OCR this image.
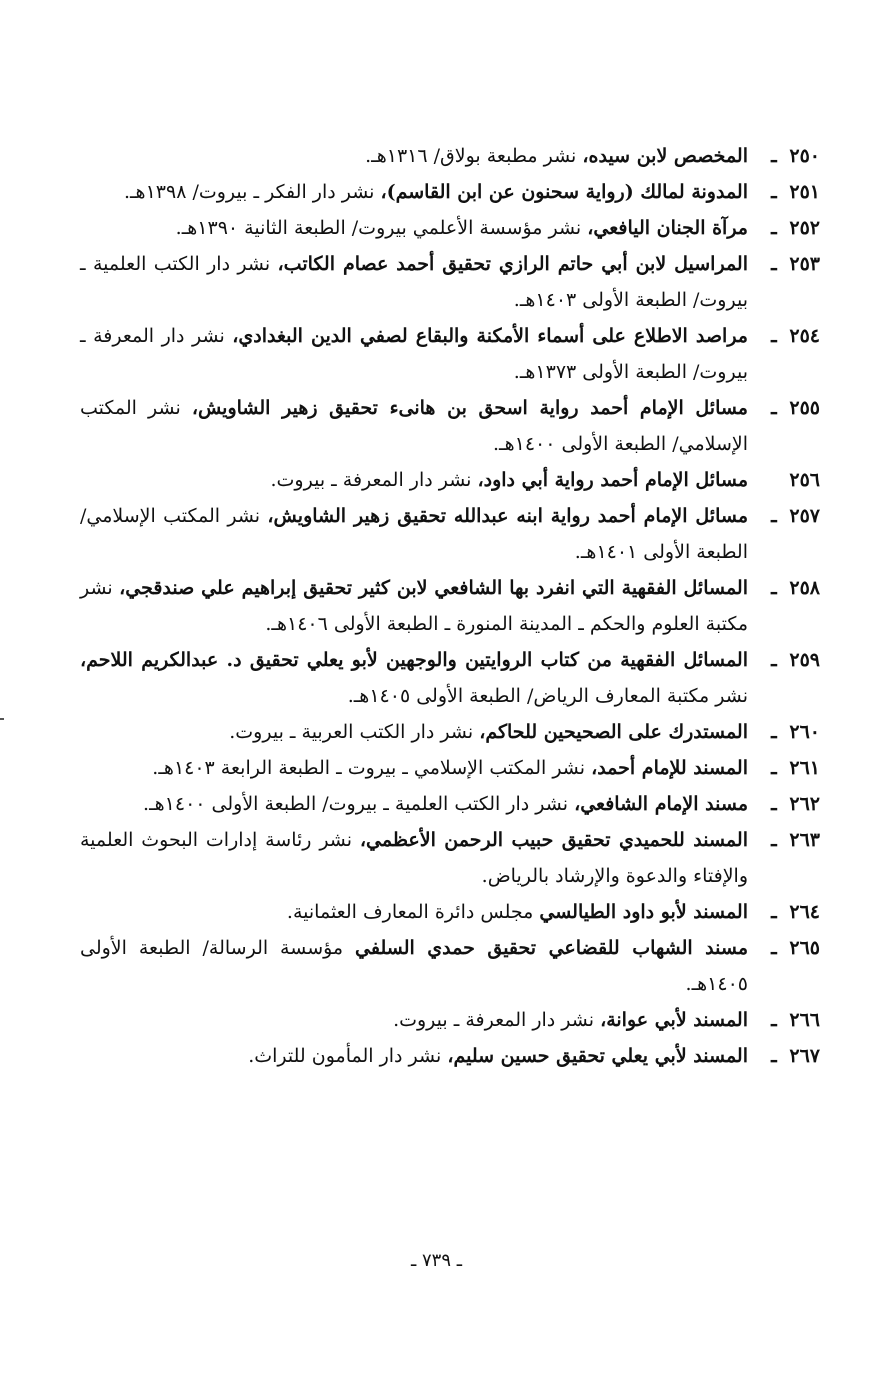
٢٥٠ ـ
المخصص لابن سيده، نشر مطبعة بولاق/ ١٣١٦هـ.
٢٥١ ـ
المدونة لمالك (رواية سحنون عن ابن القاسم)، نشر دار الفكر ـ بيروت/ ١٣٩٨هـ.
٢٥٢ ـ
مرآة الجنان اليافعي، نشر مؤسسة الأعلمي بيروت/ الطبعة الثانية ١٣٩٠هـ.
٢٥٣ ـ
المراسيل لابن أبي حاتم الرازي تحقيق أحمد عصام الكاتب، نشر دار الكتب العلمية ـ بيروت/ الطبعة الأولى ١٤٠٣هـ.
٢٥٤ ـ
مراصد الاطلاع على أسماء الأمكنة والبقاع لصفي الدين البغدادي، نشر دار المعرفة ـ بيروت/ الطبعة الأولى ١٣٧٣هـ.
٢٥٥ ـ
مسائل الإمام أحمد رواية اسحق بن هانىء تحقيق زهير الشاويش، نشر المكتب الإسلامي/ الطبعة الأولى ١٤٠٠هـ.
٢٥٦
مسائل الإمام أحمد رواية أبي داود، نشر دار المعرفة ـ بيروت.
٢٥٧ ـ
مسائل الإمام أحمد رواية ابنه عبدالله تحقيق زهير الشاويش، نشر المكتب الإسلامي/ الطبعة الأولى ١٤٠١هـ.
٢٥٨ ـ
المسائل الفقهية التي انفرد بها الشافعي لابن كثير تحقيق إبراهيم علي صندقجي، نشر مكتبة العلوم والحكم ـ المدينة المنورة ـ الطبعة الأولى ١٤٠٦هـ.
٢٥٩ ـ
المسائل الفقهية من كتاب الروايتين والوجهين لأبو يعلي تحقيق د. عبدالكريم اللاحم، نشر مكتبة المعارف الرياض/ الطبعة الأولى ١٤٠٥هـ.
٢٦٠ ـ
المستدرك على الصحيحين للحاكم، نشر دار الكتب العربية ـ بيروت.
٢٦١ ـ
المسند للإمام أحمد، نشر المكتب الإسلامي ـ بيروت ـ الطبعة الرابعة ١٤٠٣هـ.
٢٦٢ ـ
مسند الإمام الشافعي، نشر دار الكتب العلمية ـ بيروت/ الطبعة الأولى ١٤٠٠هـ.
٢٦٣ ـ
المسند للحميدي تحقيق حبيب الرحمن الأعظمي، نشر رئاسة إدارات البحوث العلمية والإفتاء والدعوة والإرشاد بالرياض.
٢٦٤ ـ
المسند لأبو داود الطيالسي مجلس دائرة المعارف العثمانية.
٢٦٥ ـ
مسند الشهاب للقضاعي تحقيق حمدي السلفي مؤسسة الرسالة/ الطبعة الأولى ١٤٠٥هـ.
٢٦٦ ـ
المسند لأبي عوانة، نشر دار المعرفة ـ بيروت.
٢٦٧ ـ
المسند لأبي يعلي تحقيق حسين سليم، نشر دار المأمون للتراث.
ـ ٧٣٩ ـ
